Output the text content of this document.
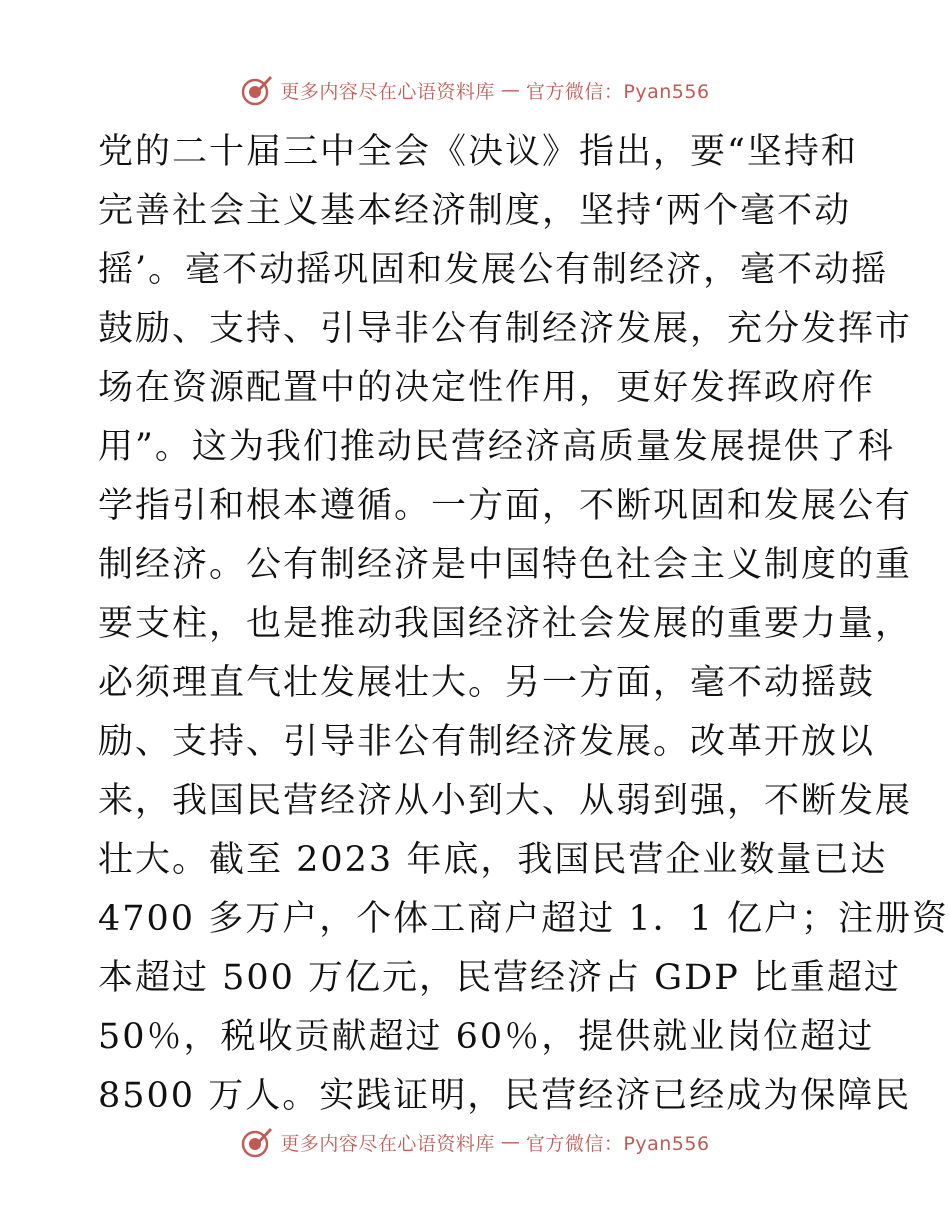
更多内容尽在心语资料库 — 官方微信：Pyan556
党的二十届三中全会《决议》指出，要“坚持和
完善社会主义基本经济制度，坚持‘两个毫不动
摇’。毫不动摇巩固和发展公有制经济，毫不动摇
鼓励、支持、引导非公有制经济发展，充分发挥市
场在资源配置中的决定性作用，更好发挥政府作
用”。这为我们推动民营经济高质量发展提供了科
学指引和根本遵循。一方面，不断巩固和发展公有
制经济。公有制经济是中国特色社会主义制度的重
要支柱，也是推动我国经济社会发展的重要力量，
必须理直气壮发展壮大。另一方面，毫不动摇鼓
励、支持、引导非公有制经济发展。改革开放以
来，我国民营经济从小到大、从弱到强，不断发展
壮大。截至 2023 年底，我国民营企业数量已达
4700 多万户，个体工商户超过 1．1 亿户；注册资
本超过 500 万亿元，民营经济占 GDP 比重超过
50％，税收贡献超过 60％，提供就业岗位超过
8500 万人。实践证明，民营经济已经成为保障民
更多内容尽在心语资料库 — 官方微信：Pyan556
